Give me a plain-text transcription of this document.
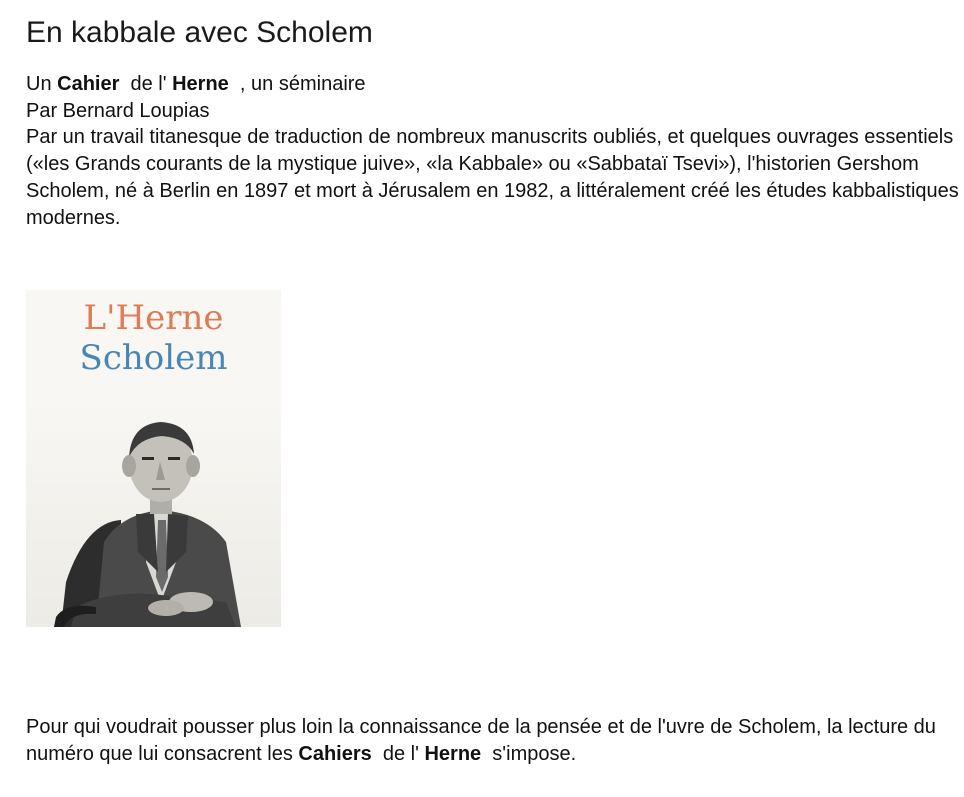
En kabbale avec Scholem
Un Cahier  de l' Herne  , un séminaire
Par Bernard Loupias
Par un travail titanesque de traduction de nombreux manuscrits oubliés, et quelques ouvrages essentiels («les Grands courants de la mystique juive», «la Kabbale» ou «Sabbataï Tsevi»), l'historien Gershom Scholem, né à Berlin en 1897 et mort à Jérusalem en 1982, a littéralement créé les études kabbalistiques modernes.
L'Herne
Scholem
Pour qui voudrait pousser plus loin la connaissance de la pensée et de l'uvre de Scholem, la lecture du numéro que lui consacrent les Cahiers  de l' Herne  s'impose.
